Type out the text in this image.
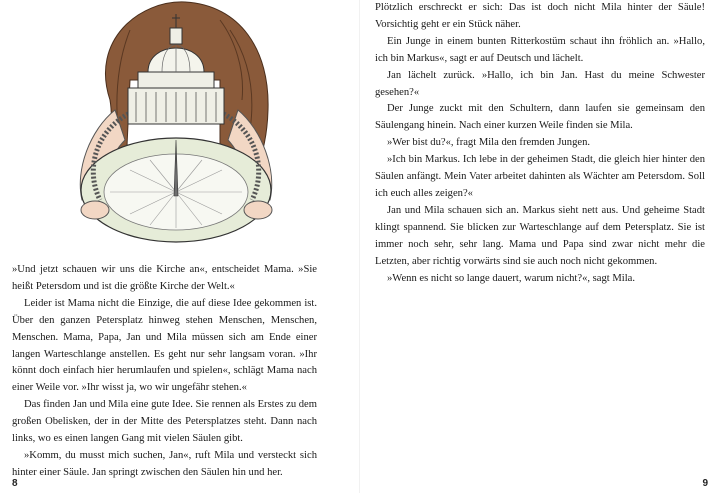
»Und jetzt schauen wir uns die Kirche an«, entscheidet Mama. »Sie heißt Petersdom und ist die größte Kirche der Welt.«

Leider ist Mama nicht die Einzige, die auf diese Idee gekommen ist. Über den ganzen Petersplatz hinweg stehen Menschen, Menschen, Menschen. Mama, Papa, Jan und Mila müssen sich am Ende einer langen Warteschlange anstellen. Es geht nur sehr langsam voran. »Ihr könnt doch einfach hier herumlaufen und spielen«, schlägt Mama nach einer Weile vor. »Ihr wisst ja, wo wir ungefähr stehen.«

Das finden Jan und Mila eine gute Idee. Sie rennen als Erstes zu dem großen Obelisken, der in der Mitte des Petersplatzes steht. Dann nach links, wo es einen langen Gang mit vielen Säulen gibt.

»Komm, du musst mich suchen, Jan«, ruft Mila und versteckt sich hinter einer Säule. Jan springt zwischen den Säulen hin und her.

8

Plötzlich erschreckt er sich: Das ist doch nicht Mila hinter der Säule! Vorsichtig geht er ein Stück näher.

Ein Junge in einem bunten Ritterkostüm schaut ihn fröhlich an. »Hallo, ich bin Markus«, sagt er auf Deutsch und lächelt.

Jan lächelt zurück. »Hallo, ich bin Jan. Hast du meine Schwester gesehen?«

Der Junge zuckt mit den Schultern, dann laufen sie gemeinsam den Säulengang hinein. Nach einer kurzen Weile finden sie Mila.

»Wer bist du?«, fragt Mila den fremden Jungen.

»Ich bin Markus. Ich lebe in der geheimen Stadt, die gleich hier hinter den Säulen anfängt. Mein Vater arbeitet dahinten als Wächter am Petersdom. Soll ich euch alles zeigen?«

Jan und Mila schauen sich an. Markus sieht nett aus. Und geheime Stadt klingt spannend. Sie blicken zur Warteschlange auf dem Petersplatz. Sie ist immer noch sehr, sehr lang. Mama und Papa sind zwar nicht mehr die Letzten, aber richtig vorwärts sind sie auch noch nicht gekommen.

»Wenn es nicht so lange dauert, warum nicht?«, sagt Mila.

9
